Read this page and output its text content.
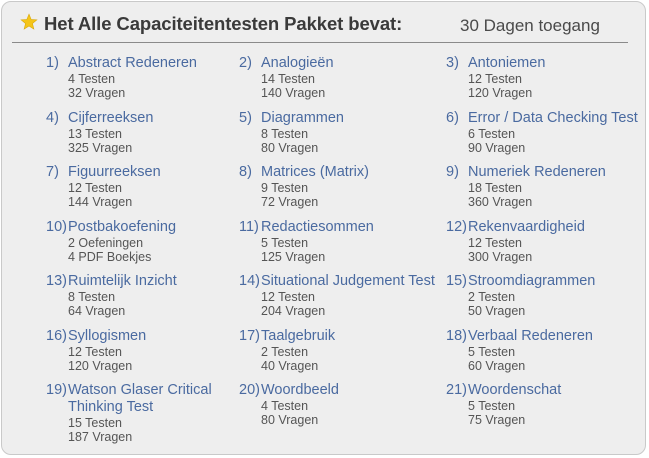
Het Alle Capaciteitentesten Pakket bevat:	30 Dagen toegang
1) Abstract Redeneren
4 Testen
32 Vragen
2) Analogieën
14 Testen
140 Vragen
3) Antoniemen
12 Testen
120 Vragen
4) Cijferreeksen
13 Testen
325 Vragen
5) Diagrammen
8 Testen
80 Vragen
6) Error / Data Checking Test
6 Testen
90 Vragen
7) Figuurreeksen
12 Testen
144 Vragen
8) Matrices (Matrix)
9 Testen
72 Vragen
9) Numeriek Redeneren
18 Testen
360 Vragen
10) Postbakoefening
2 Oefeningen
4 PDF Boekjes
11) Redactiesommen
5 Testen
125 Vragen
12) Rekenvaardigheid
12 Testen
300 Vragen
13) Ruimtelijk Inzicht
8 Testen
64 Vragen
14) Situational Judgement Test
12 Testen
204 Vragen
15) Stroomdiagrammen
2 Testen
50 Vragen
16) Syllogismen
12 Testen
120 Vragen
17) Taalgebruik
2 Testen
40 Vragen
18) Verbaal Redeneren
5 Testen
60 Vragen
19) Watson Glaser Critical
Thinking Test
15 Testen
187 Vragen
20) Woordbeeld
4 Testen
80 Vragen
21) Woordenschat
5 Testen
75 Vragen
